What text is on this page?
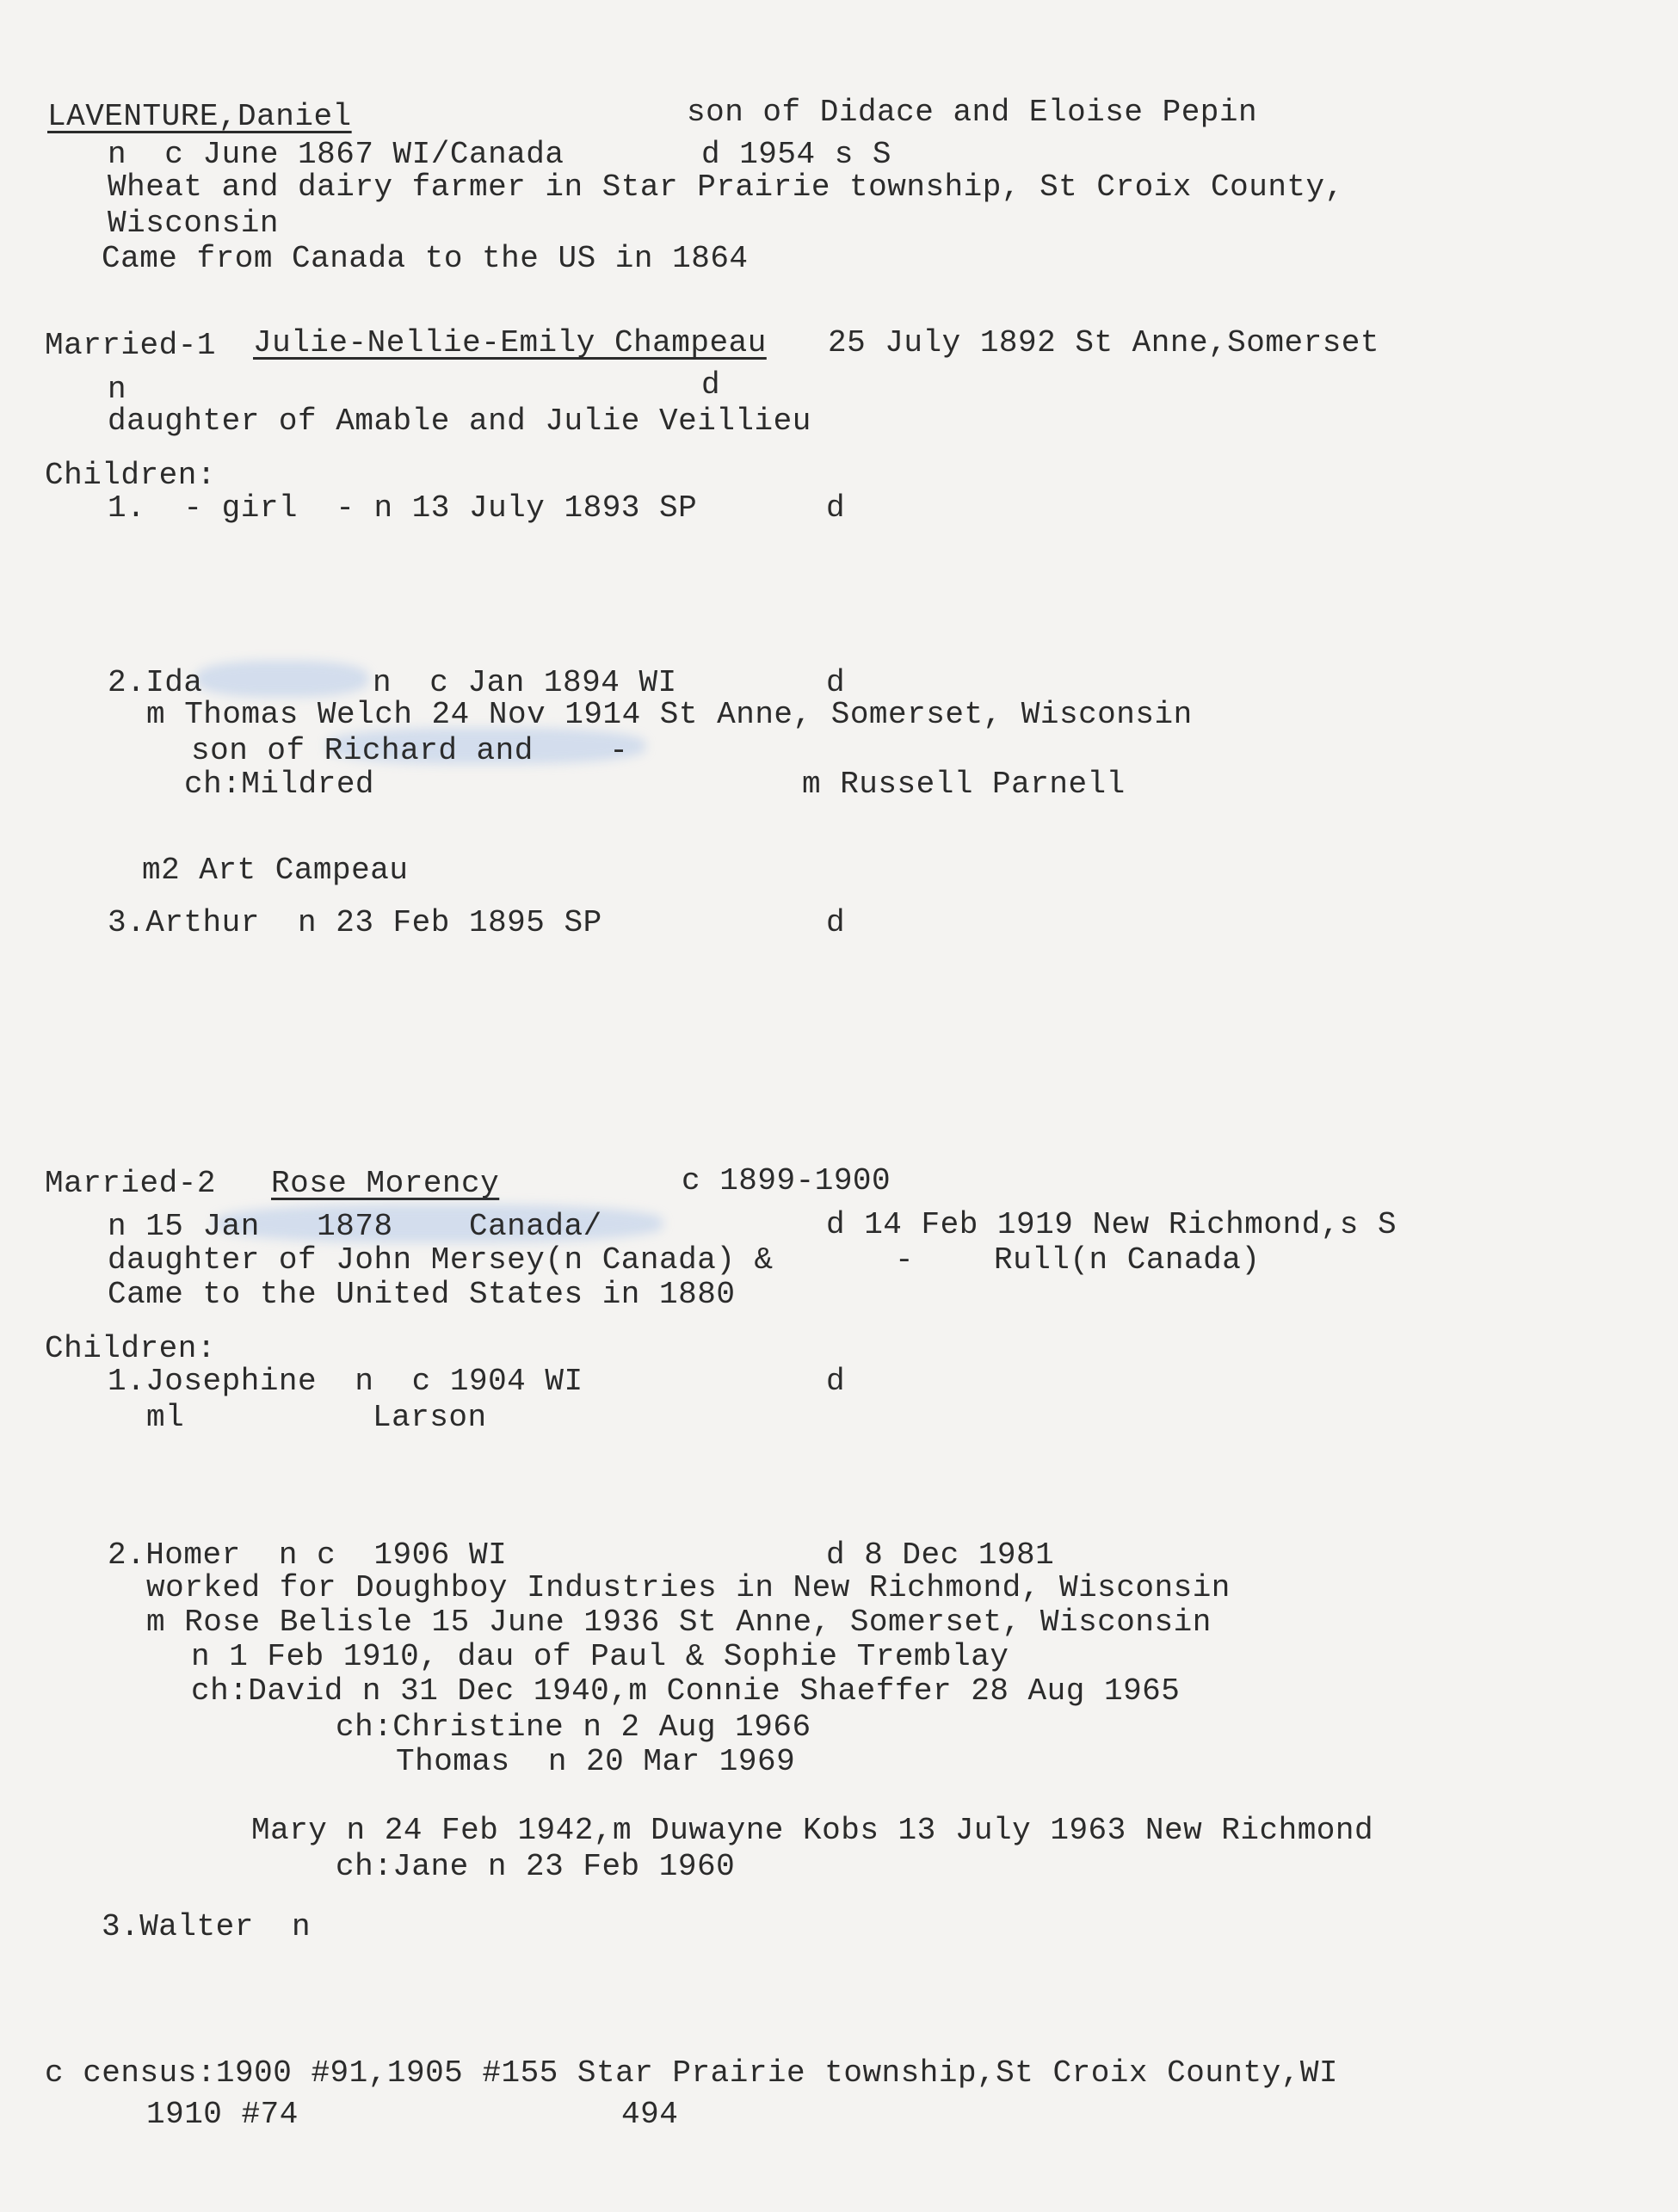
LAVENTURE,Daniel	son of Didace and Eloise Pepin
n  c June 1867 WI/Canada	d 1954 s S
Wheat and dairy farmer in Star Prairie township, St Croix County,
Wisconsin
Came from Canada to the US in 1864
Married-1 Julie-Nellie-Emily Champeau 25 July 1892 St Anne,Somerset
n	d
daughter of Amable and Julie Veillieu
Children:
1.  - girl  - n 13 July 1893 SP	d
2.Ida	n  c Jan 1894 WI	d
m Thomas Welch 24 Nov 1914 St Anne, Somerset, Wisconsin
son of Richard and    -
ch:Mildred	m Russell Parnell
m2 Art Campeau
3.Arthur  n 23 Feb 1895 SP	d
Married-2 Rose Morency	c 1899-1900
n 15 Jan   1878    Canada/	d 14 Feb 1919 New Richmond,s S
daughter of John Mersey(n Canada) &	-	Rull(n Canada)
Came to the United States in 1880
Children:
1.Josephine  n  c 1904 WI	d
ml	Larson
2.Homer  n c  1906 WI	d 8 Dec 1981
worked for Doughboy Industries in New Richmond, Wisconsin
m Rose Belisle 15 June 1936 St Anne, Somerset, Wisconsin
n 1 Feb 1910, dau of Paul & Sophie Tremblay
ch:David n 31 Dec 1940,m Connie Shaeffer 28 Aug 1965
ch:Christine n 2 Aug 1966
Thomas  n 20 Mar 1969
Mary n 24 Feb 1942,m Duwayne Kobs 13 July 1963 New Richmond
ch:Jane n 23 Feb 1960
3.Walter  n
c census:1900 #91,1905 #155 Star Prairie township,St Croix County,WI
1910 #74	494
